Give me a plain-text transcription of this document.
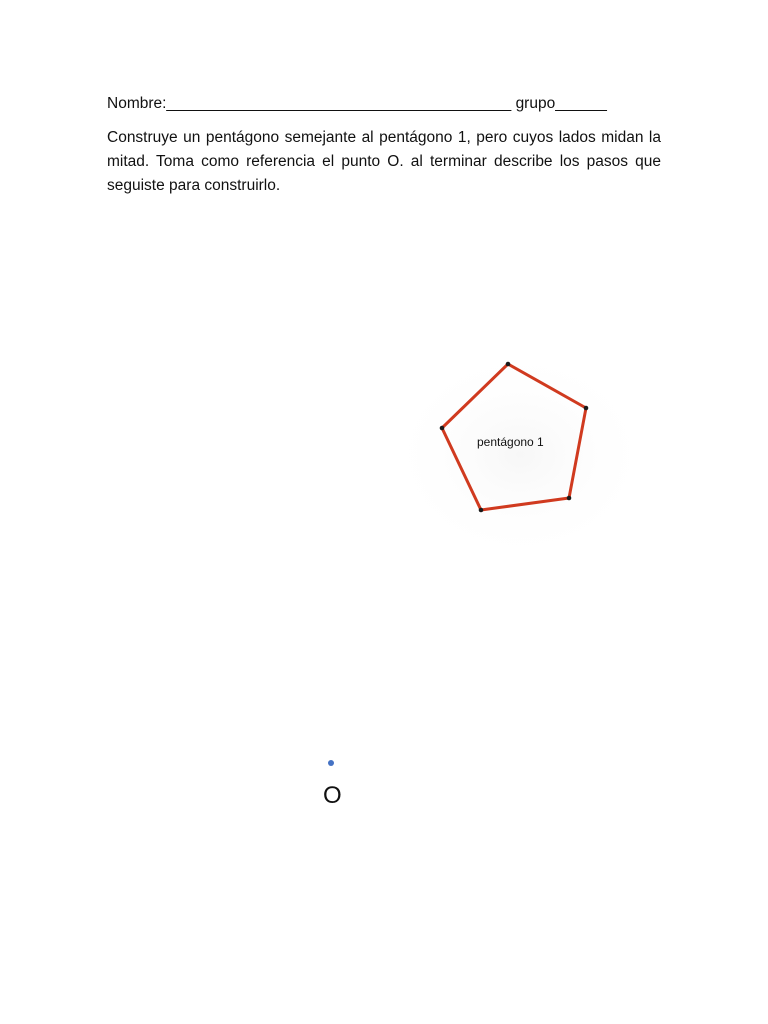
Nombre:________________________________________ grupo______
Construye un pentágono semejante al pentágono 1, pero cuyos lados midan la mitad. Toma como referencia el punto O. al terminar describe los pasos que seguiste para construirlo.
pentágono 1
O
